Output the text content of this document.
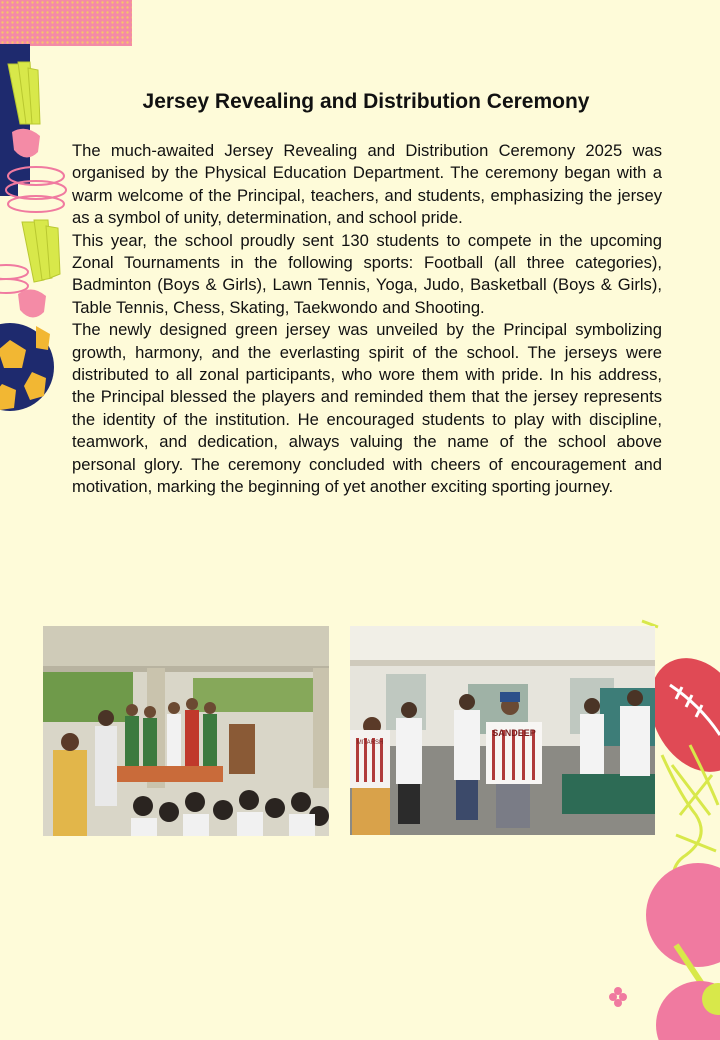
Jersey Revealing and Distribution Ceremony

The much-awaited Jersey Revealing and Distribution Ceremony 2025 was organised by the Physical Education Department. The ceremony began with a warm welcome of the Principal, teachers, and students, emphasizing the jersey as a symbol of unity, determination, and school pride.

This year, the school proudly sent 130 students to compete in the upcoming Zonal Tournaments in the following sports: Football (all three categories), Badminton (Boys & Girls), Lawn Tennis, Yoga, Judo, Basketball (Boys & Girls), Table Tennis, Chess, Skating, Taekwondo and Shooting.

The newly designed green jersey was unveiled by the Principal symbolizing growth, harmony, and the everlasting spirit of the school. The jerseys were distributed to all zonal participants, who wore them with pride. In his address, the Principal blessed the players and reminded them that the jersey represents the identity of the institution. He encouraged students to play with discipline, teamwork, and dedication, always valuing the name of the school above personal glory. The ceremony concluded with cheers of encouragement and motivation, marking the beginning of yet another exciting sporting journey.

MITARSH
SANDEEP
